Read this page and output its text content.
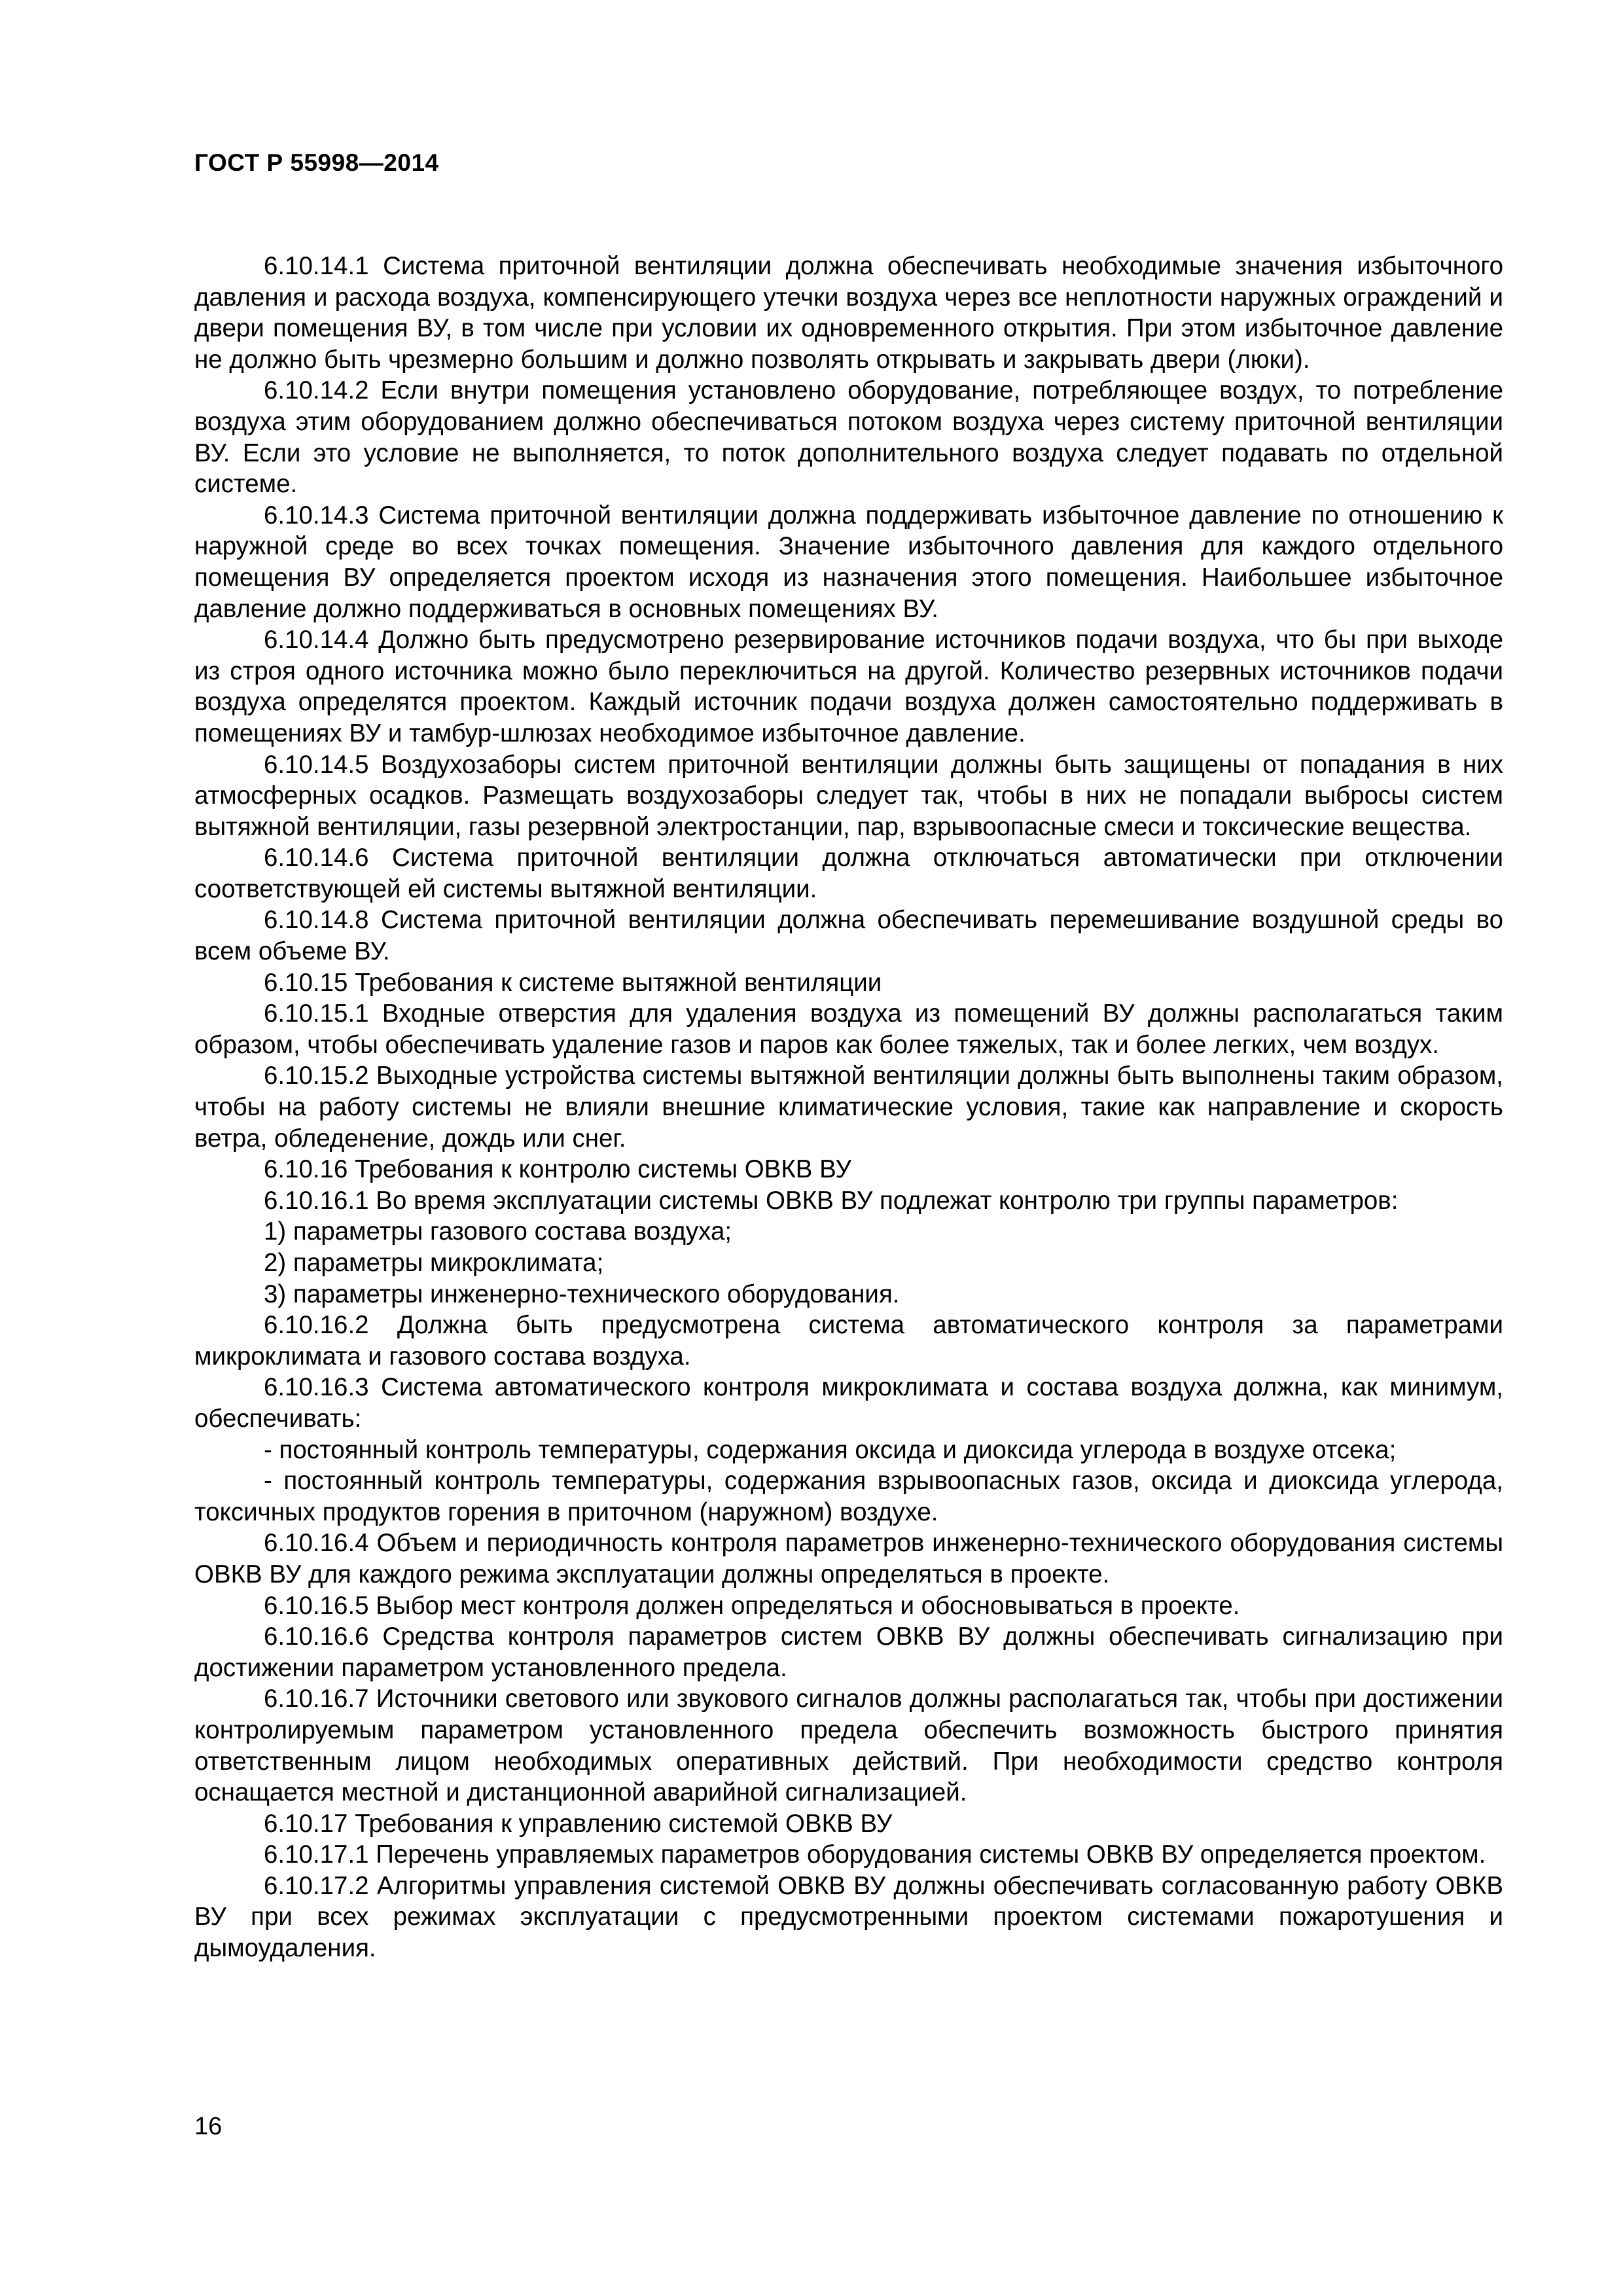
ГОСТ Р 55998—2014

6.10.14.1 Система приточной вентиляции должна обеспечивать необходимые значения избыточного давления и расхода воздуха, компенсирующего утечки воздуха через все неплотности наружных ограждений и двери помещения ВУ, в том числе при условии их одновременного открытия. При этом избыточное давление не должно быть чрезмерно большим и должно позволять открывать и закрывать двери (люки).

6.10.14.2 Если внутри помещения установлено оборудование, потребляющее воздух, то потребление воздуха этим оборудованием должно обеспечиваться потоком воздуха через систему приточной вентиляции ВУ. Если это условие не выполняется, то поток дополнительного воздуха следует подавать по отдельной системе.

6.10.14.3 Система приточной вентиляции должна поддерживать избыточное давление по отношению к наружной среде во всех точках помещения. Значение избыточного давления для каждого отдельного помещения ВУ определяется проектом исходя из назначения этого помещения. Наибольшее избыточное давление должно поддерживаться в основных помещениях ВУ.

6.10.14.4 Должно быть предусмотрено резервирование источников подачи воздуха, что бы при выходе из строя одного источника можно было переключиться на другой. Количество резервных источников подачи воздуха определятся проектом. Каждый источник подачи воздуха должен самостоятельно поддерживать в помещениях ВУ и тамбур-шлюзах необходимое избыточное давление.

6.10.14.5 Воздухозаборы систем приточной вентиляции должны быть защищены от попадания в них атмосферных осадков. Размещать воздухозаборы следует так, чтобы в них не попадали выбросы систем вытяжной вентиляции, газы резервной электростанции, пар, взрывоопасные смеси и токсические вещества.

6.10.14.6 Система приточной вентиляции должна отключаться автоматически при отключении соответствующей ей системы вытяжной вентиляции.

6.10.14.8 Система приточной вентиляции должна обеспечивать перемешивание воздушной среды во всем объеме ВУ.

6.10.15 Требования к системе вытяжной вентиляции

6.10.15.1 Входные отверстия для удаления воздуха из помещений ВУ должны располагаться таким образом, чтобы обеспечивать удаление газов и паров как более тяжелых, так и более легких, чем воздух.

6.10.15.2 Выходные устройства системы вытяжной вентиляции должны быть выполнены таким образом, чтобы на работу системы не влияли внешние климатические условия, такие как направление и скорость ветра, обледенение, дождь или снег.

6.10.16 Требования к контролю системы ОВКВ ВУ

6.10.16.1 Во время эксплуатации системы ОВКВ ВУ подлежат контролю три группы параметров:

1) параметры газового состава воздуха;

2) параметры микроклимата;

3) параметры инженерно-технического оборудования.

6.10.16.2 Должна быть предусмотрена система автоматического контроля за параметрами микроклимата и газового состава воздуха.

6.10.16.3 Система автоматического контроля микроклимата и состава воздуха должна, как минимум, обеспечивать:

- постоянный контроль температуры, содержания оксида и диоксида углерода в воздухе отсека;

- постоянный контроль температуры, содержания взрывоопасных газов, оксида и диоксида углерода, токсичных продуктов горения в приточном (наружном) воздухе.

6.10.16.4 Объем и периодичность контроля параметров инженерно-технического оборудования системы ОВКВ ВУ для каждого режима эксплуатации должны определяться в проекте.

6.10.16.5 Выбор мест контроля должен определяться и обосновываться в проекте.

6.10.16.6 Средства контроля параметров систем ОВКВ ВУ должны обеспечивать сигнализацию при достижении параметром установленного предела.

6.10.16.7 Источники светового или звукового сигналов должны располагаться так, чтобы при достижении контролируемым параметром установленного предела обеспечить возможность быстрого принятия ответственным лицом необходимых оперативных действий. При необходимости средство контроля оснащается местной и дистанционной аварийной сигнализацией.

6.10.17 Требования к управлению системой ОВКВ ВУ

6.10.17.1 Перечень управляемых параметров оборудования системы ОВКВ ВУ определяется проектом.

6.10.17.2 Алгоритмы управления системой ОВКВ ВУ должны обеспечивать согласованную работу ОВКВ ВУ при всех режимах эксплуатации с предусмотренными проектом системами пожаротушения и дымоудаления.

16
